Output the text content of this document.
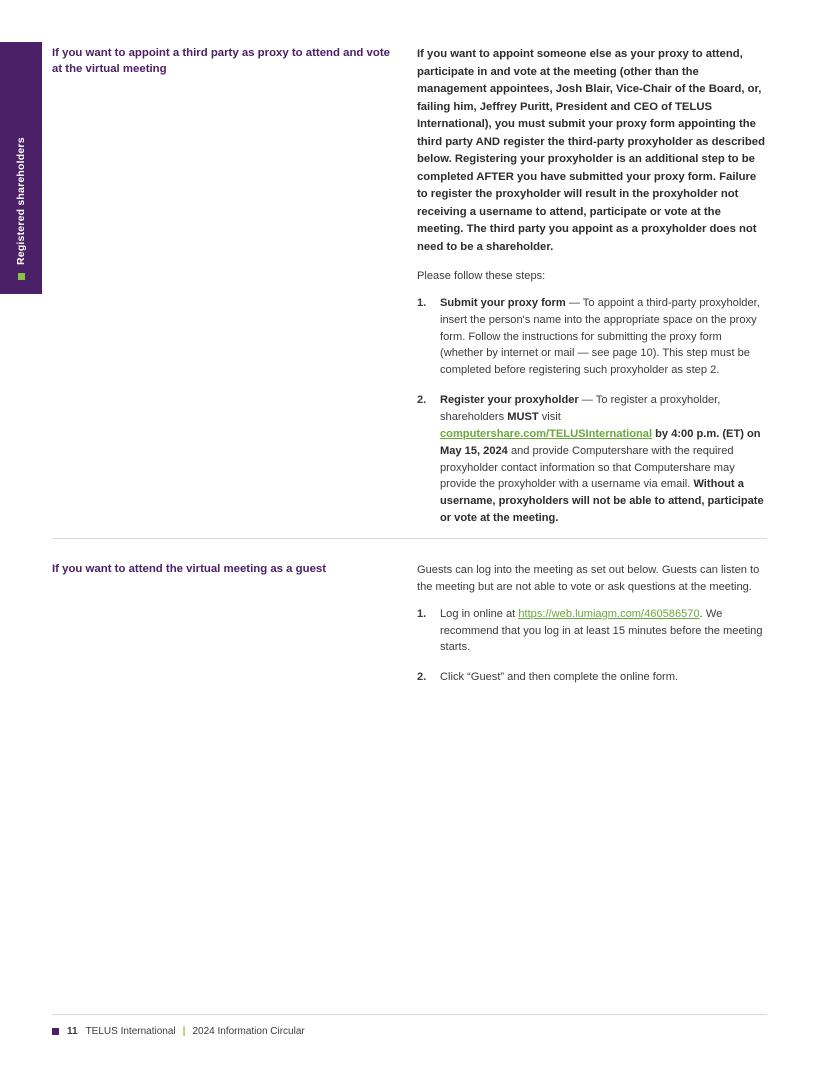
Registered shareholders
If you want to appoint a third party as proxy to attend and vote at the virtual meeting

If you want to appoint someone else as your proxy to attend, participate in and vote at the meeting (other than the management appointees, Josh Blair, Vice-Chair of the Board, or, failing him, Jeffrey Puritt, President and CEO of TELUS International), you must submit your proxy form appointing the third party AND register the third-party proxyholder as described below. Registering your proxyholder is an additional step to be completed AFTER you have submitted your proxy form. Failure to register the proxyholder will result in the proxyholder not receiving a username to attend, participate or vote at the meeting. The third party you appoint as a proxyholder does not need to be a shareholder.

Please follow these steps:

1. Submit your proxy form — To appoint a third-party proxyholder, insert the person's name into the appropriate space on the proxy form. Follow the instructions for submitting the proxy form (whether by internet or mail — see page 10). This step must be completed before registering such proxyholder as step 2.
2. Register your proxyholder — To register a proxyholder, shareholders MUST visit computershare.com/TELUSInternational by 4:00 p.m. (ET) on May 15, 2024 and provide Computershare with the required proxyholder contact information so that Computershare may provide the proxyholder with a username via email. Without a username, proxyholders will not be able to attend, participate or vote at the meeting.
If you want to attend the virtual meeting as a guest	Guests can log into the meeting as set out below. Guests can listen to the meeting but are not able to vote or ask questions at the meeting.

1. Log in online at https://web.lumiagm.com/460586570. We recommend that you log in at least 15 minutes before the meeting starts.
2. Click “Guest” and then complete the online form.
11 TELUS International | 2024 Information Circular
